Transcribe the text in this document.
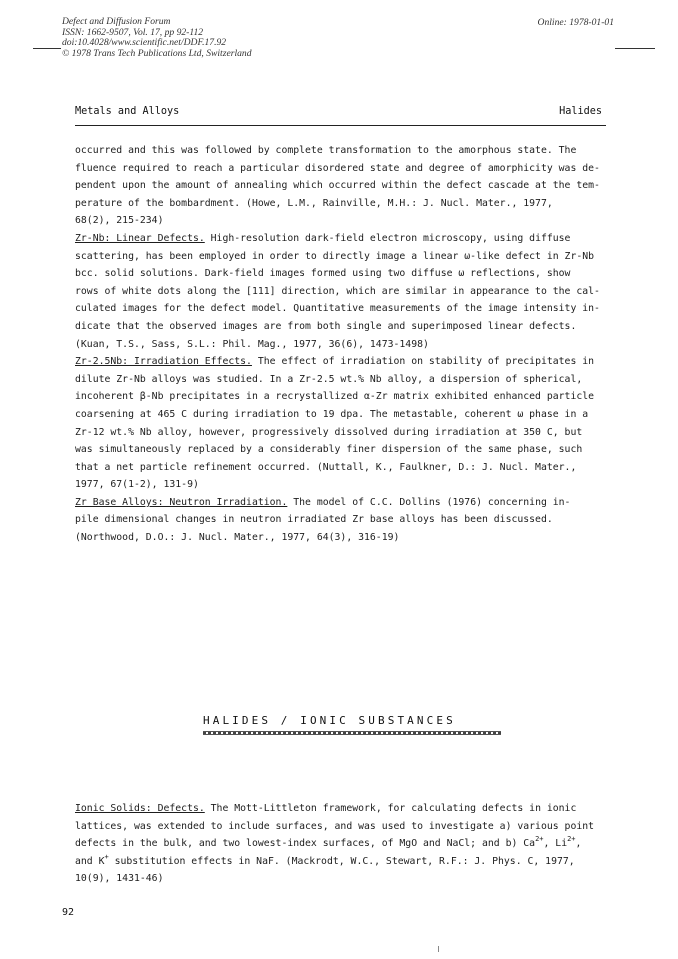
Defect and Diffusion Forum
ISSN: 1662-9507, Vol. 17, pp 92-112
doi:10.4028/www.scientific.net/DDF.17.92
© 1978 Trans Tech Publications Ltd, Switzerland
Online: 1978-01-01
Metals and Alloys	Halides
occurred and this was followed by complete transformation to the amorphous state. The
fluence required to reach a particular disordered state and degree of amorphicity was de-
pendent upon the amount of annealing which occurred within the defect cascade at the tem-
perature of the bombardment. (Howe, L.M., Rainville, M.H.: J. Nucl. Mater., 1977,
68(2), 215-234)
Zr-Nb: Linear Defects. High-resolution dark-field electron microscopy, using diffuse
scattering, has been employed in order to directly image a linear ω-like defect in Zr-Nb
bcc. solid solutions. Dark-field images formed using two diffuse ω reflections, show
rows of white dots along the [111] direction, which are similar in appearance to the cal-
culated images for the defect model. Quantitative measurements of the image intensity in-
dicate that the observed images are from both single and superimposed linear defects.
(Kuan, T.S., Sass, S.L.: Phil. Mag., 1977, 36(6), 1473-1498)
Zr-2.5Nb: Irradiation Effects. The effect of irradiation on stability of precipitates in
dilute Zr-Nb alloys was studied. In a Zr-2.5 wt.% Nb alloy, a dispersion of spherical,
incoherent β-Nb precipitates in a recrystallized α-Zr matrix exhibited enhanced particle
coarsening at 465 C during irradiation to 19 dpa. The metastable, coherent ω phase in a
Zr-12 wt.% Nb alloy, however, progressively dissolved during irradiation at 350 C, but
was simultaneously replaced by a considerably finer dispersion of the same phase, such
that a net particle refinement occurred. (Nuttall, K., Faulkner, D.: J. Nucl. Mater.,
1977, 67(1-2), 131-9)
Zr Base Alloys: Neutron Irradiation. The model of C.C. Dollins (1976) concerning in-
pile dimensional changes in neutron irradiated Zr base alloys has been discussed.
(Northwood, D.O.: J. Nucl. Mater., 1977, 64(3), 316-19)
HALIDES / IONIC SUBSTANCES
Ionic Solids: Defects. The Mott-Littleton framework, for calculating defects in ionic
lattices, was extended to include surfaces, and was used to investigate a) various point
defects in the bulk, and two lowest-index surfaces, of MgO and NaCl; and b) $Ca^{2+}$, $Li^{2+}$,
and K+ substitution effects in NaF. (Mackrodt, W.C., Stewart, R.F.: J. Phys. C, 1977,
10(9), 1431-46)
92
